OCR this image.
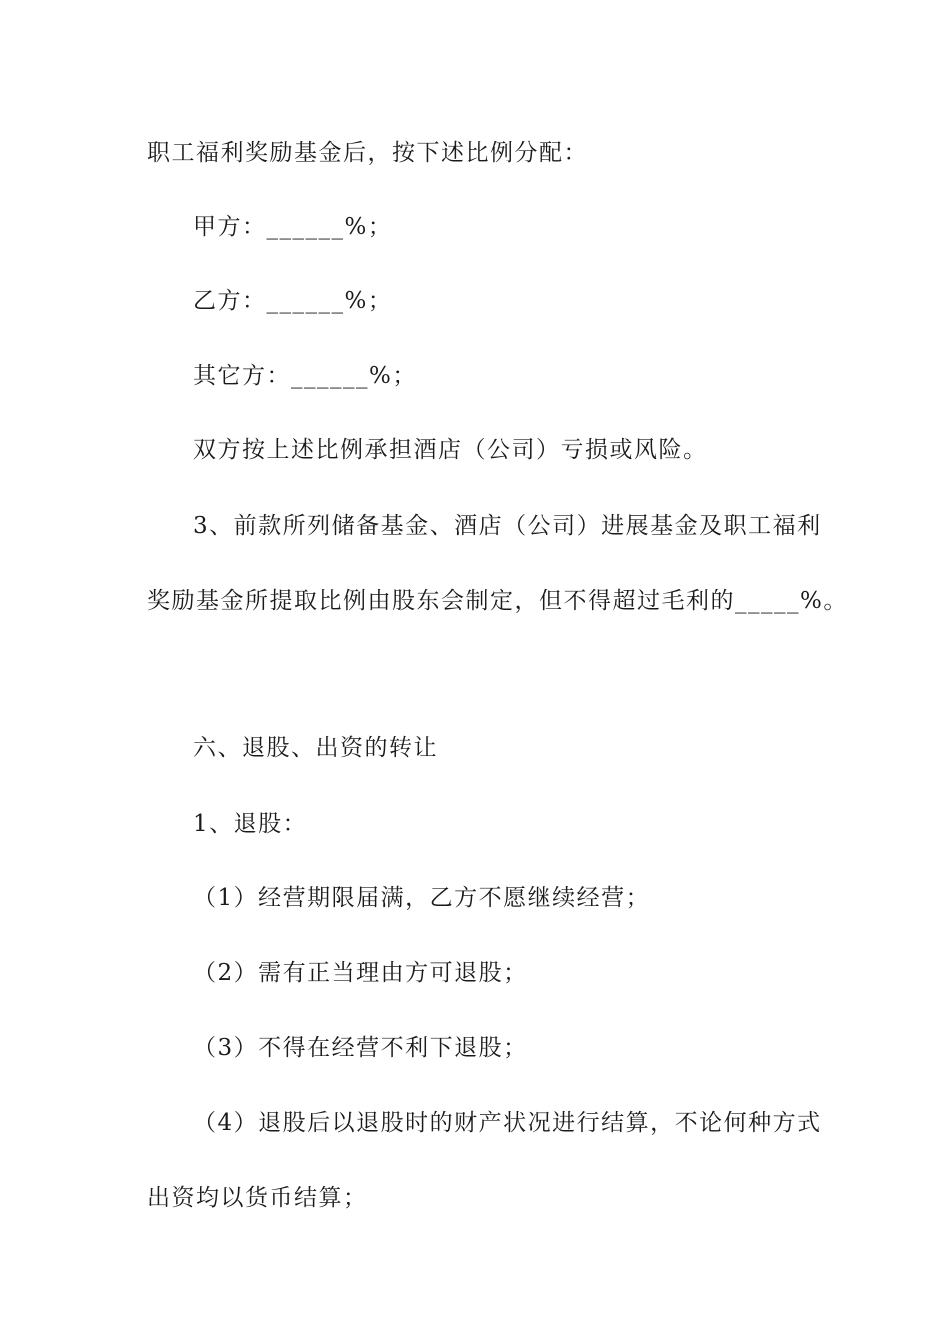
职工福利奖励基金后，按下述比例分配：
甲方：______%；
乙方：______%；
其它方：______%；
双方按上述比例承担酒店（公司）亏损或风险。
3、前款所列储备基金、酒店（公司）进展基金及职工福利
奖励基金所提取比例由股东会制定，但不得超过毛利的_____%。
六、退股、出资的转让
1、退股：
（1）经营期限届满，乙方不愿继续经营；
（2）需有正当理由方可退股；
（3）不得在经营不利下退股；
（4）退股后以退股时的财产状况进行结算，不论何种方式
出资均以货币结算；
